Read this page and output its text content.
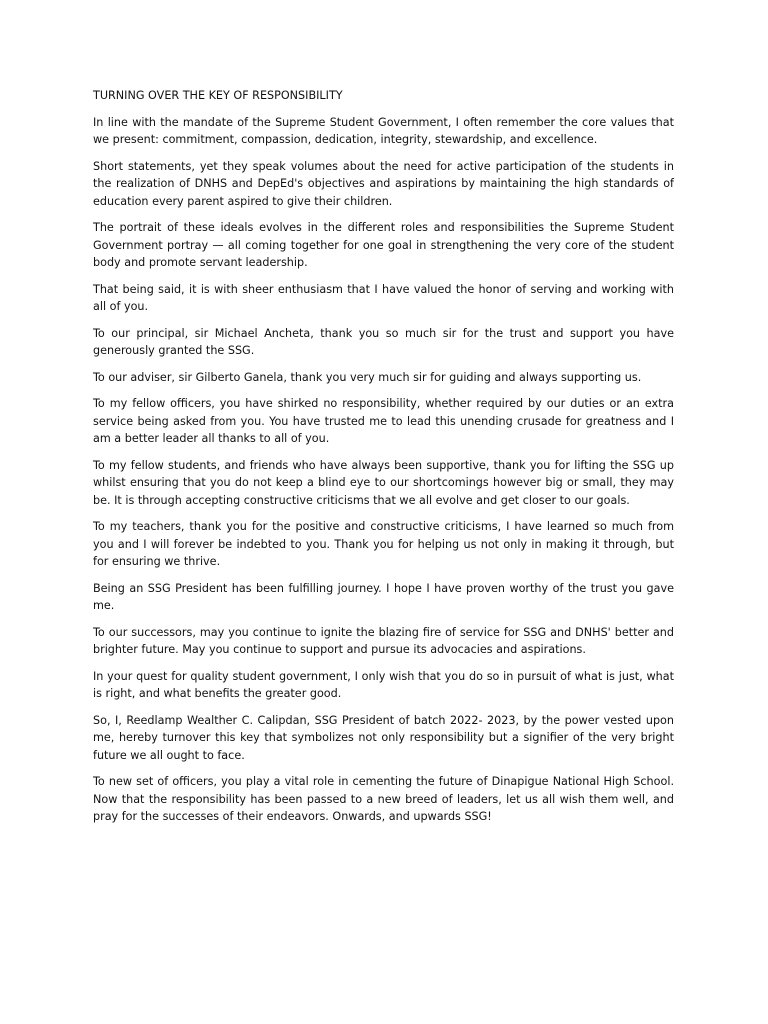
TURNING OVER THE KEY OF RESPONSIBILITY

In line with the mandate of the Supreme Student Government, I often remember the core values that we present: commitment, compassion, dedication, integrity, stewardship, and excellence.

Short statements, yet they speak volumes about the need for active participation of the students in the realization of DNHS and DepEd's objectives and aspirations by maintaining the high standards of education every parent aspired to give their children.

The portrait of these ideals evolves in the different roles and responsibilities the Supreme Student Government portray — all coming together for one goal in strengthening the very core of the student body and promote servant leadership.

That being said, it is with sheer enthusiasm that I have valued the honor of serving and working with all of you.

To our principal, sir Michael Ancheta, thank you so much sir for the trust and support you have generously granted the SSG.

To our adviser, sir Gilberto Ganela, thank you very much sir for guiding and always supporting us.

To my fellow officers, you have shirked no responsibility, whether required by our duties or an extra service being asked from you. You have trusted me to lead this unending crusade for greatness and I am a better leader all thanks to all of you.

To my fellow students, and friends who have always been supportive, thank you for lifting the SSG up whilst ensuring that you do not keep a blind eye to our shortcomings however big or small, they may be. It is through accepting constructive criticisms that we all evolve and get closer to our goals.

To my teachers, thank you for the positive and constructive criticisms, I have learned so much from you and I will forever be indebted to you. Thank you for helping us not only in making it through, but for ensuring we thrive.

Being an SSG President has been fulfilling journey. I hope I have proven worthy of the trust you gave me.

To our successors, may you continue to ignite the blazing fire of service for SSG and DNHS' better and brighter future. May you continue to support and pursue its advocacies and aspirations.

In your quest for quality student government, I only wish that you do so in pursuit of what is just, what is right, and what benefits the greater good.

So, I, Reedlamp Wealther C. Calipdan, SSG President of batch 2022- 2023, by the power vested upon me, hereby turnover this key that symbolizes not only responsibility but a signifier of the very bright future we all ought to face.

To new set of officers, you play a vital role in cementing the future of Dinapigue National High School. Now that the responsibility has been passed to a new breed of leaders, let us all wish them well, and pray for the successes of their endeavors. Onwards, and upwards SSG!
